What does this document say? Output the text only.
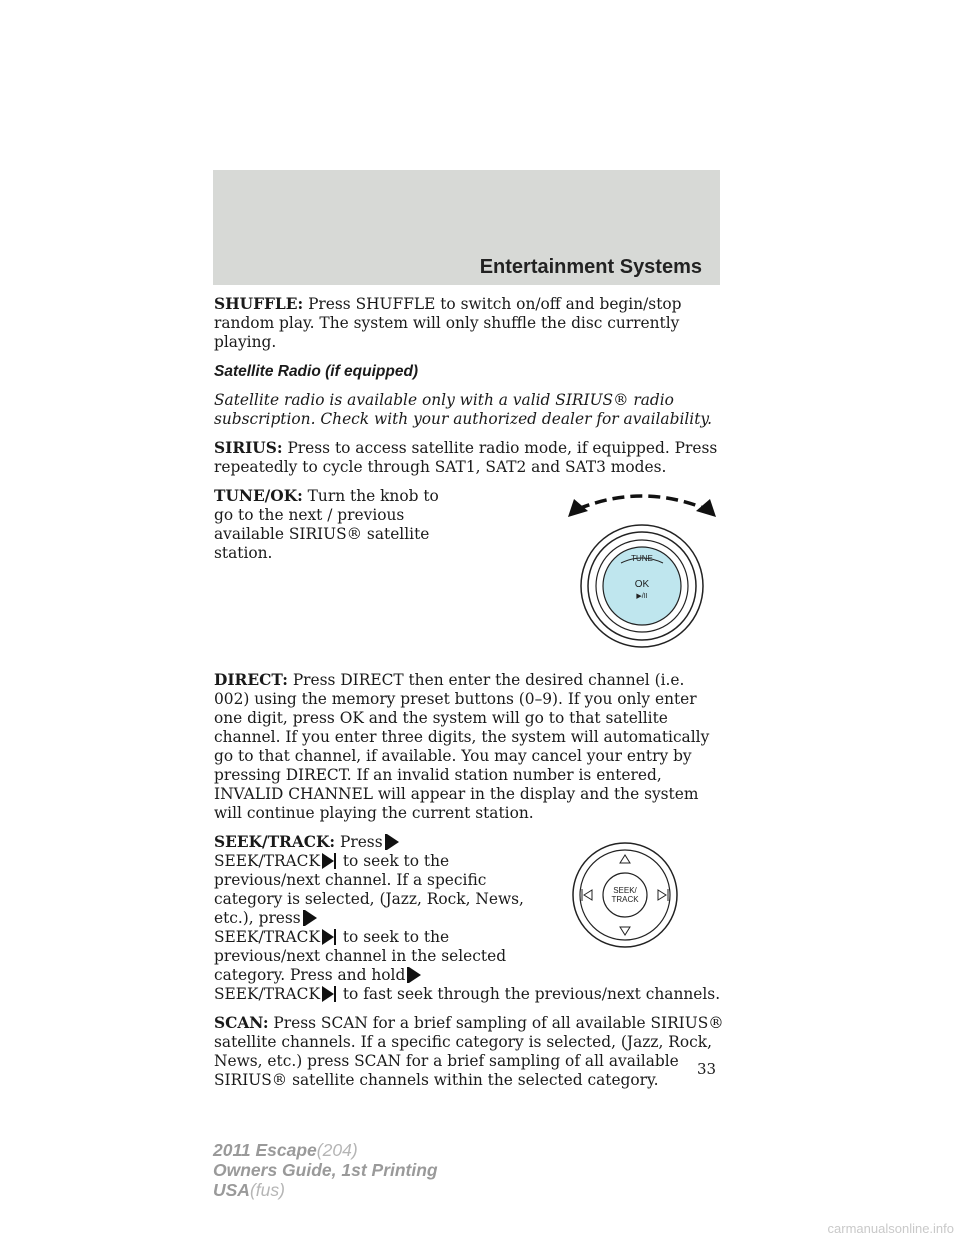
Entertainment Systems

SHUFFLE: Press SHUFFLE to switch on/off and begin/stop random play. The system will only shuffle the disc currently playing.

Satellite Radio (if equipped)

Satellite radio is available only with a valid SIRIUS® radio subscription. Check with your authorized dealer for availability.

SIRIUS: Press to access satellite radio mode, if equipped. Press repeatedly to cycle through SAT1, SAT2 and SAT3 modes.

TUNE
OK
▶/II

TUNE/OK: Turn the knob to go to the next / previous available SIRIUS® satellite station.

DIRECT: Press DIRECT then enter the desired channel (i.e. 002) using the memory preset buttons (0–9). If you only enter one digit, press OK and the system will go to that satellite channel. If you enter three digits, the system will automatically go to that channel, if available. You may cancel your entry by pressing DIRECT. If an invalid station number is entered, INVALID CHANNEL will appear in the display and the system will continue playing the current station.

SEEK/
TRACK

SEEK/TRACK: Press
SEEK/TRACK to seek to the previous/next channel. If a specific category is selected, (Jazz, Rock, News, etc.), press
SEEK/TRACK to seek to the previous/next channel in the selected category. Press and hold
SEEK/TRACK to fast seek through the previous/next channels.

SCAN: Press SCAN for a brief sampling of all available SIRIUS® satellite channels. If a specific category is selected, (Jazz, Rock, News, etc.) press SCAN for a brief sampling of all available SIRIUS® satellite channels within the selected category.

33
2011 Escape(204)
Owners Guide, 1st Printing
USA(fus)
carmanualsonline.info
